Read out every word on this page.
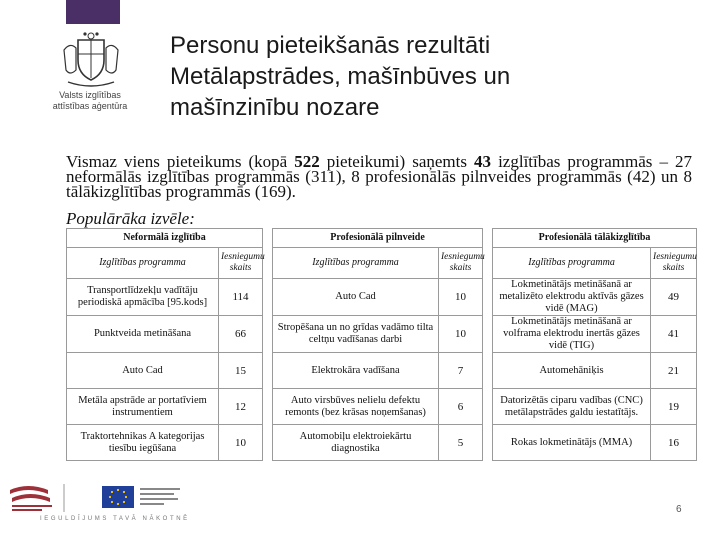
Valsts izglītības attīstības aģentūra
Personu pieteikšanās rezultāti
Metālapstrādes, mašīnbūves un
mašīnzinību nozare
Vismaz viens pieteikums (kopā 522 pieteikumi) saņemts 43 izglītības programmās – 27 neformālās izglītības programmās (311), 8 profesionālās pilnveides programmās (42) un 8 tālākizglītības programmās (169).
Populārāka izvēle:
Neformālā izglītība			Profesionālā pilnveide			Profesionālā tālākizglītība	
Izglītības programma	Iesniegumu skaits		Izglītības programma	Iesniegumu skaits		Izglītības programma	Iesniegumu skaits
Transportlīdzekļu vadītāju periodiskā apmācība [95.kods]	114		Auto Cad	10		Lokmetinātājs metināšanā ar metalizēto elektrodu aktīvās gāzes vidē (MAG)	49
Punktveida metināšana	66		Stropēšana un no grīdas vadāmo tilta celtņu vadīšanas darbi	10		Lokmetinātājs metināšanā ar volframa elektrodu inertās gāzes vidē (TIG)	41
Auto Cad	15		Elektrokāra vadīšana	7		Automehāniķis	21
Metāla apstrāde ar portatīviem instrumentiem	12		Auto virsbūves nelielu defektu remonts (bez krāsas noņemšanas)	6		Datorizētās ciparu vadības (CNC) metālapstrādes galdu iestatītājs.	19
Traktortehnikas A kategorijas tiesību iegūšana	10		Automobiļu elektroiekārtu diagnostika	5		Rokas lokmetinātājs (MMA)	16
IEGULDĪJUMS TAVĀ NĀKOTNĒ
6
